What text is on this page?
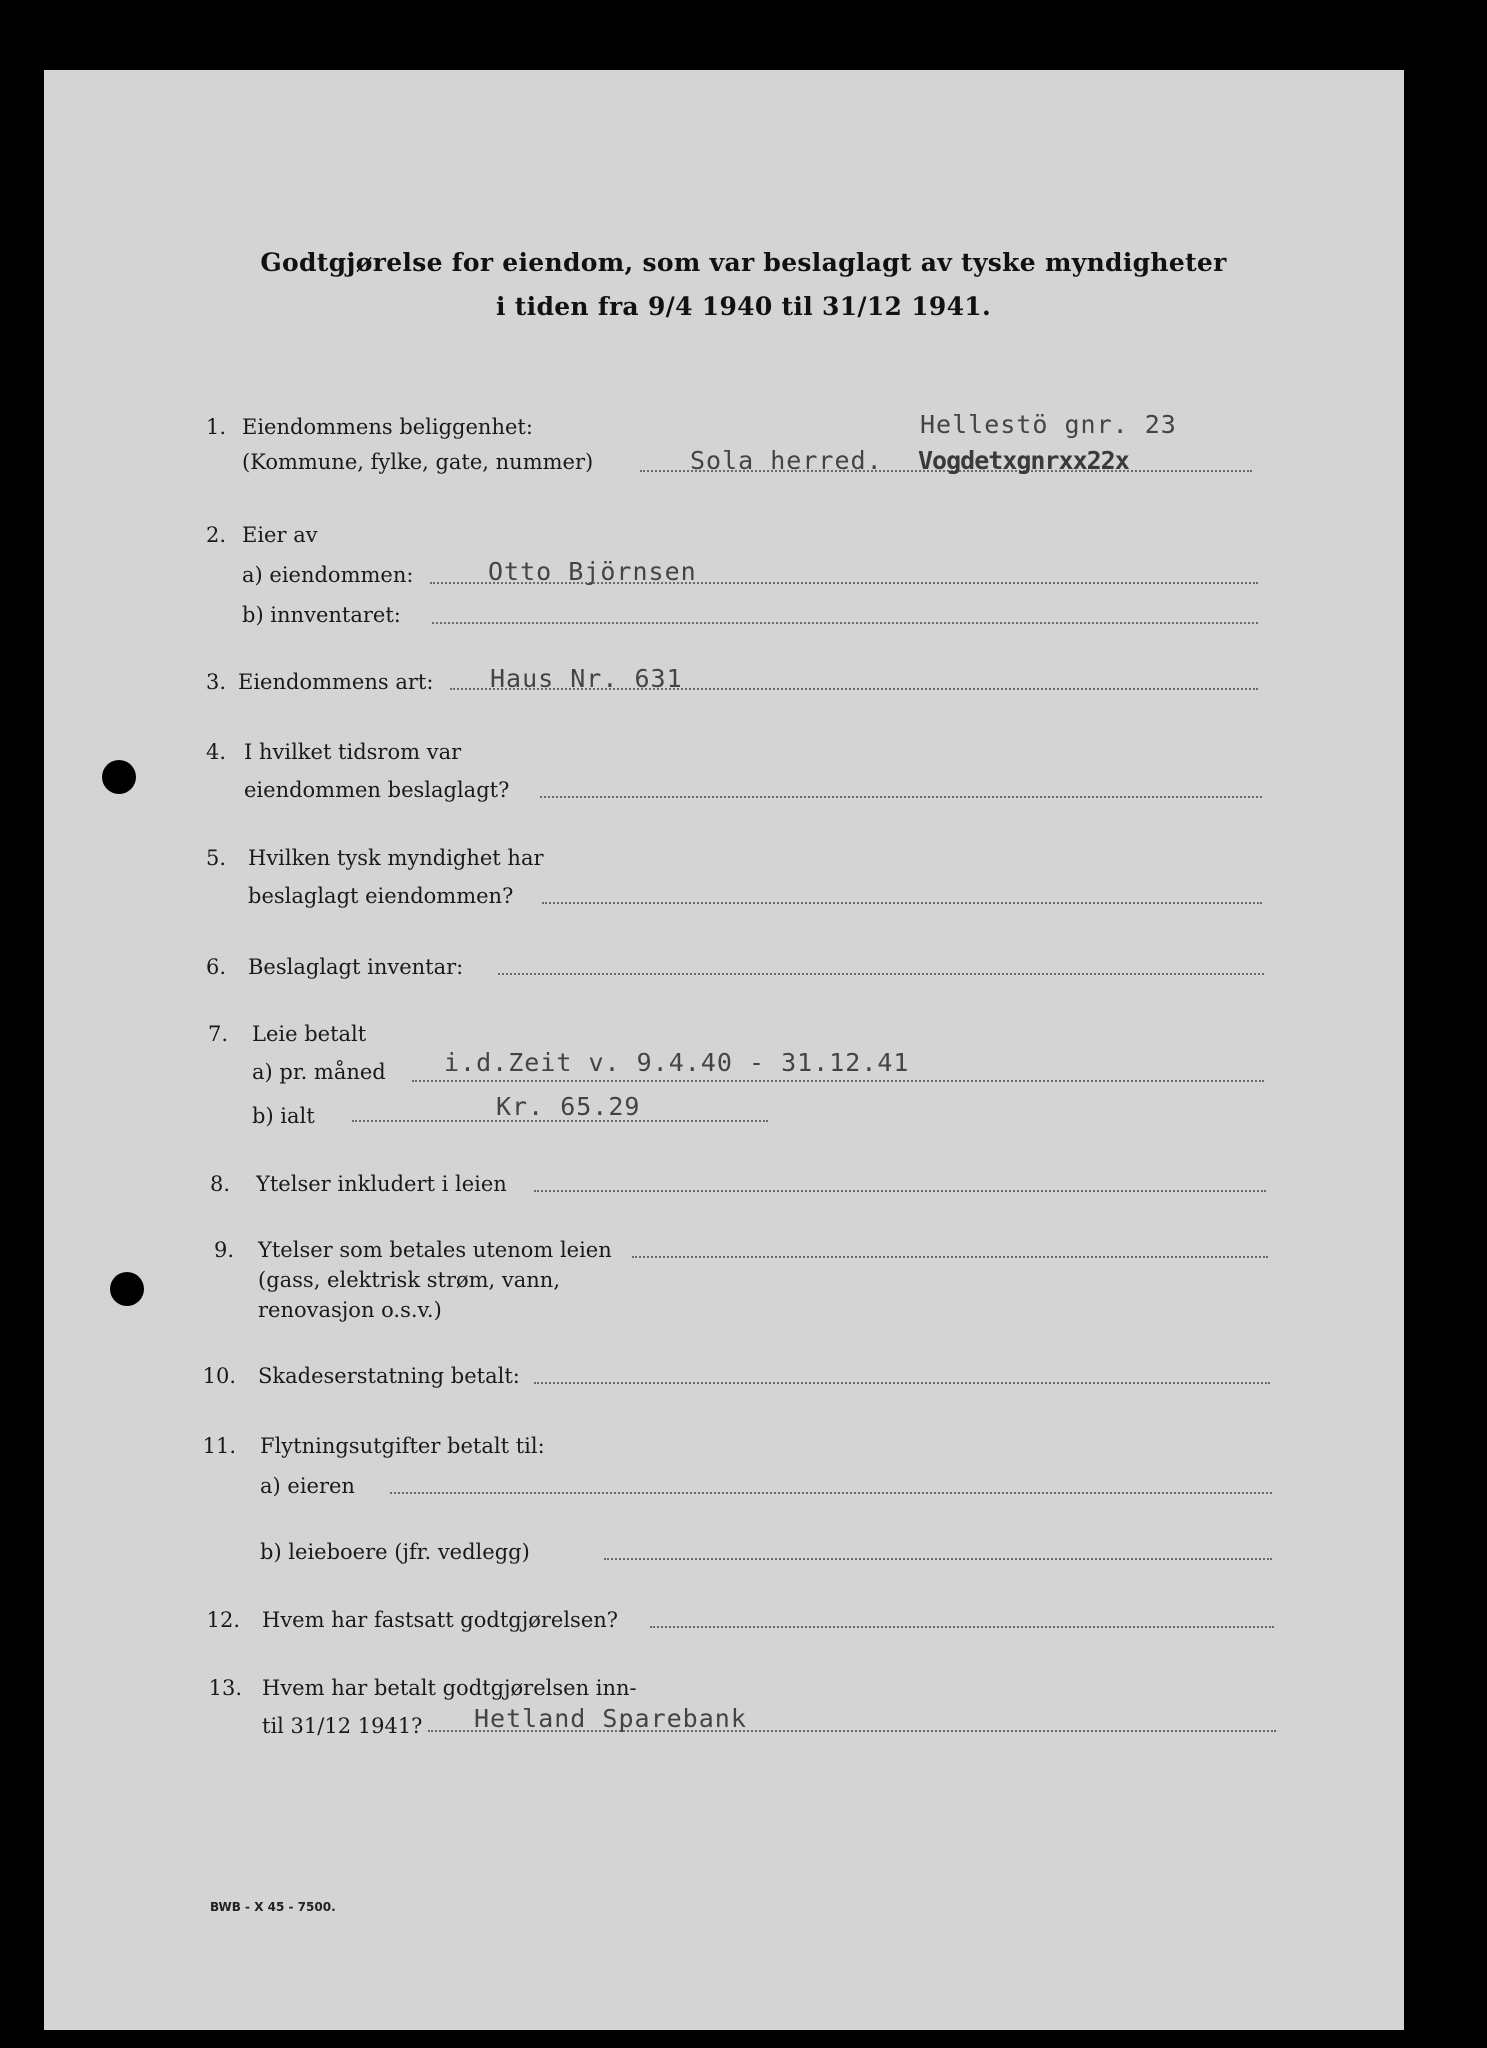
Godtgjørelse for eiendom, som var beslaglagt av tyske myndigheter
i tiden fra 9/4 1940 til 31/12 1941.
1. Eiendommens beliggenhet:
(Kommune, fylke, gate, nummer)
Hellestö gnr. 23
Sola herred. Vogdetxgnrxx22x
2. Eier av
a) eiendommen:	Otto Björnsen
b) innventaret:
3. Eiendommens art: Haus Nr. 631
4. I hvilket tidsrom var
eiendommen beslaglagt?
5. Hvilken tysk myndighet har
beslaglagt eiendommen?
6. Beslaglagt inventar:
7. Leie betalt
a) pr. måned i.d.Zeit v. 9.4.40 - 31.12.41
b) ialt	Kr. 65.29
8. Ytelser inkludert i leien
9. Ytelser som betales utenom leien
(gass, elektrisk strøm, vann,
renovasjon o.s.v.)
10. Skadeserstatning betalt:
11. Flytningsutgifter betalt til:
a) eieren
b) leieboere (jfr. vedlegg)
12. Hvem har fastsatt godtgjørelsen?
13. Hvem har betalt godtgjørelsen inn-
til 31/12 1941? Hetland Sparebank
BWB - X 45 - 7500.
